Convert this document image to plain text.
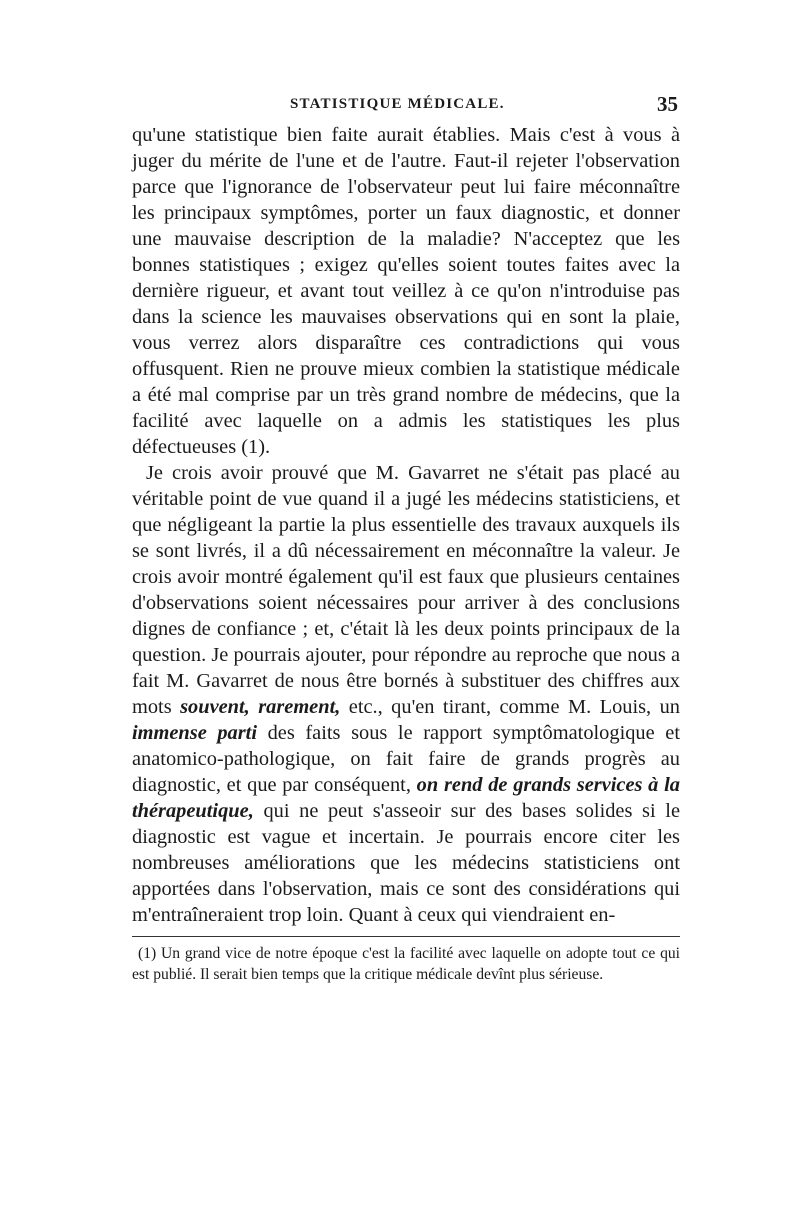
STATISTIQUE MÉDICALE.	35

qu'une statistique bien faite aurait établies. Mais c'est à vous à juger du mérite de l'une et de l'autre. Faut-il rejeter l'observation parce que l'ignorance de l'observateur peut lui faire méconnaître les principaux symptômes, porter un faux diagnostic, et donner une mauvaise description de la maladie? N'acceptez que les bonnes statistiques ; exigez qu'elles soient toutes faites avec la dernière rigueur, et avant tout veillez à ce qu'on n'introduise pas dans la science les mauvaises observations qui en sont la plaie, vous verrez alors disparaître ces contradictions qui vous offusquent. Rien ne prouve mieux combien la statistique médicale a été mal comprise par un très grand nombre de médecins, que la facilité avec laquelle on a admis les statistiques les plus défectueuses (1).

Je crois avoir prouvé que M. Gavarret ne s'était pas placé au véritable point de vue quand il a jugé les médecins statisticiens, et que négligeant la partie la plus essentielle des travaux auxquels ils se sont livrés, il a dû nécessairement en méconnaître la valeur. Je crois avoir montré également qu'il est faux que plusieurs centaines d'observations soient nécessaires pour arriver à des conclusions dignes de confiance ; et, c'était là les deux points principaux de la question. Je pourrais ajouter, pour répondre au reproche que nous a fait M. Gavarret de nous être bornés à substituer des chiffres aux mots souvent, rarement, etc., qu'en tirant, comme M. Louis, un immense parti des faits sous le rapport symptômatologique et anatomico-pathologique, on fait faire de grands progrès au diagnostic, et que par conséquent, on rend de grands services à la thérapeutique, qui ne peut s'asseoir sur des bases solides si le diagnostic est vague et incertain. Je pourrais encore citer les nombreuses améliorations que les médecins statisticiens ont apportées dans l'observation, mais ce sont des considérations qui m'entraîneraient trop loin. Quant à ceux qui viendraient en-

(1) Un grand vice de notre époque c'est la facilité avec laquelle on adopte tout ce qui est publié. Il serait bien temps que la critique médicale devînt plus sérieuse.
